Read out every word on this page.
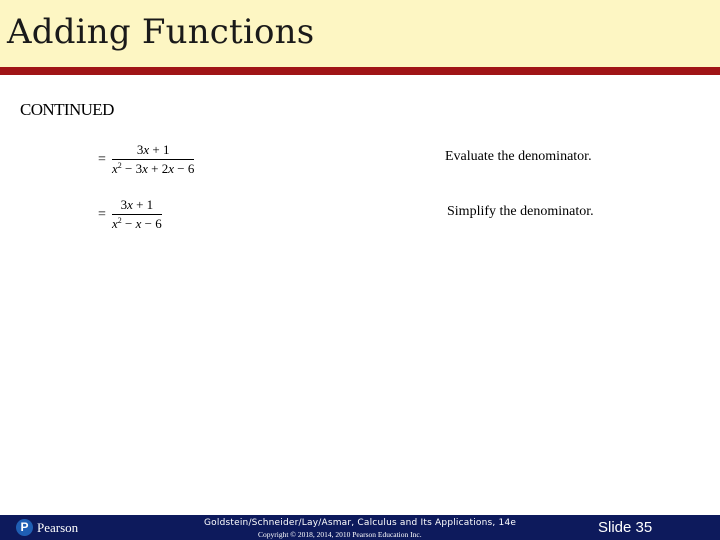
Adding Functions
CONTINUED
=
3x + 1
$x^2 - 3x + 2x - 6$
Evaluate the denominator.
=
3x + 1
$x^2 - x - 6$
Simplify the denominator.
P Pearson	Goldstein/Schneider/Lay/Asmar, Calculus and Its Applications, 14e
Copyright © 2018, 2014, 2010 Pearson Education Inc.	Slide 35
